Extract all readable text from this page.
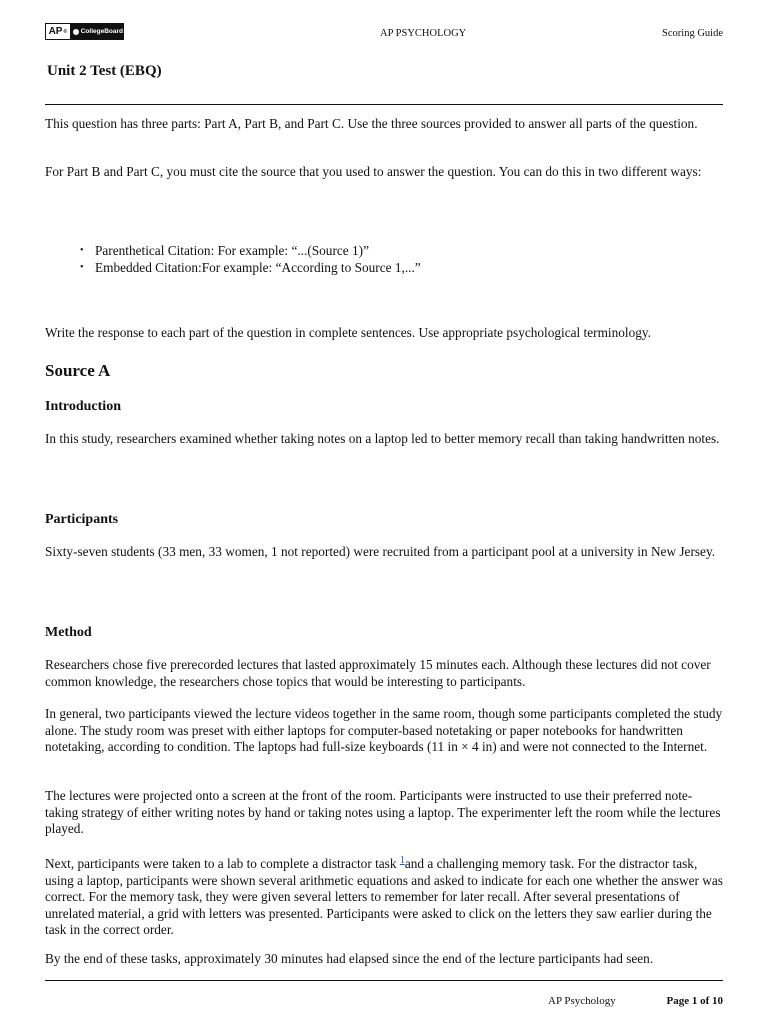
AP ® CollegeBoard	AP PSYCHOLOGY	Scoring Guide
Unit 2 Test (EBQ)
This question has three parts: Part A, Part B, and Part C. Use the three sources provided to answer all parts of the question.
For Part B and Part C, you must cite the source that you used to answer the question. You can do this in two different ways:
• Parenthetical Citation: For example: “...(Source 1)”
• Embedded Citation:For example: “According to Source 1,...”
Write the response to each part of the question in complete sentences. Use appropriate psychological terminology.
Source A
Introduction
In this study, researchers examined whether taking notes on a laptop led to better memory recall than taking handwritten notes.
Participants
Sixty-seven students (33 men, 33 women, 1 not reported) were recruited from a participant pool at a university in New Jersey.
Method
Researchers chose five prerecorded lectures that lasted approximately 15 minutes each. Although these lectures did not cover common knowledge, the researchers chose topics that would be interesting to participants.
In general, two participants viewed the lecture videos together in the same room, though some participants completed the study alone. The study room was preset with either laptops for computer-based notetaking or paper notebooks for handwritten notetaking, according to condition. The laptops had full-size keyboards (11 in × 4 in) and were not connected to the Internet.
The lectures were projected onto a screen at the front of the room. Participants were instructed to use their preferred note-taking strategy of either writing notes by hand or taking notes using a laptop. The experimenter left the room while the lectures played.
Next, participants were taken to a lab to complete a distractor task $^1$and a challenging memory task. For the distractor task, using a laptop, participants were shown several arithmetic equations and asked to indicate for each one whether the answer was correct. For the memory task, they were given several letters to remember for later recall. After several presentations of unrelated material, a grid with letters was presented. Participants were asked to click on the letters they saw earlier during the task in the correct order.
By the end of these tasks, approximately 30 minutes had elapsed since the end of the lecture participants had seen.
AP Psychology	Page 1 of 10
